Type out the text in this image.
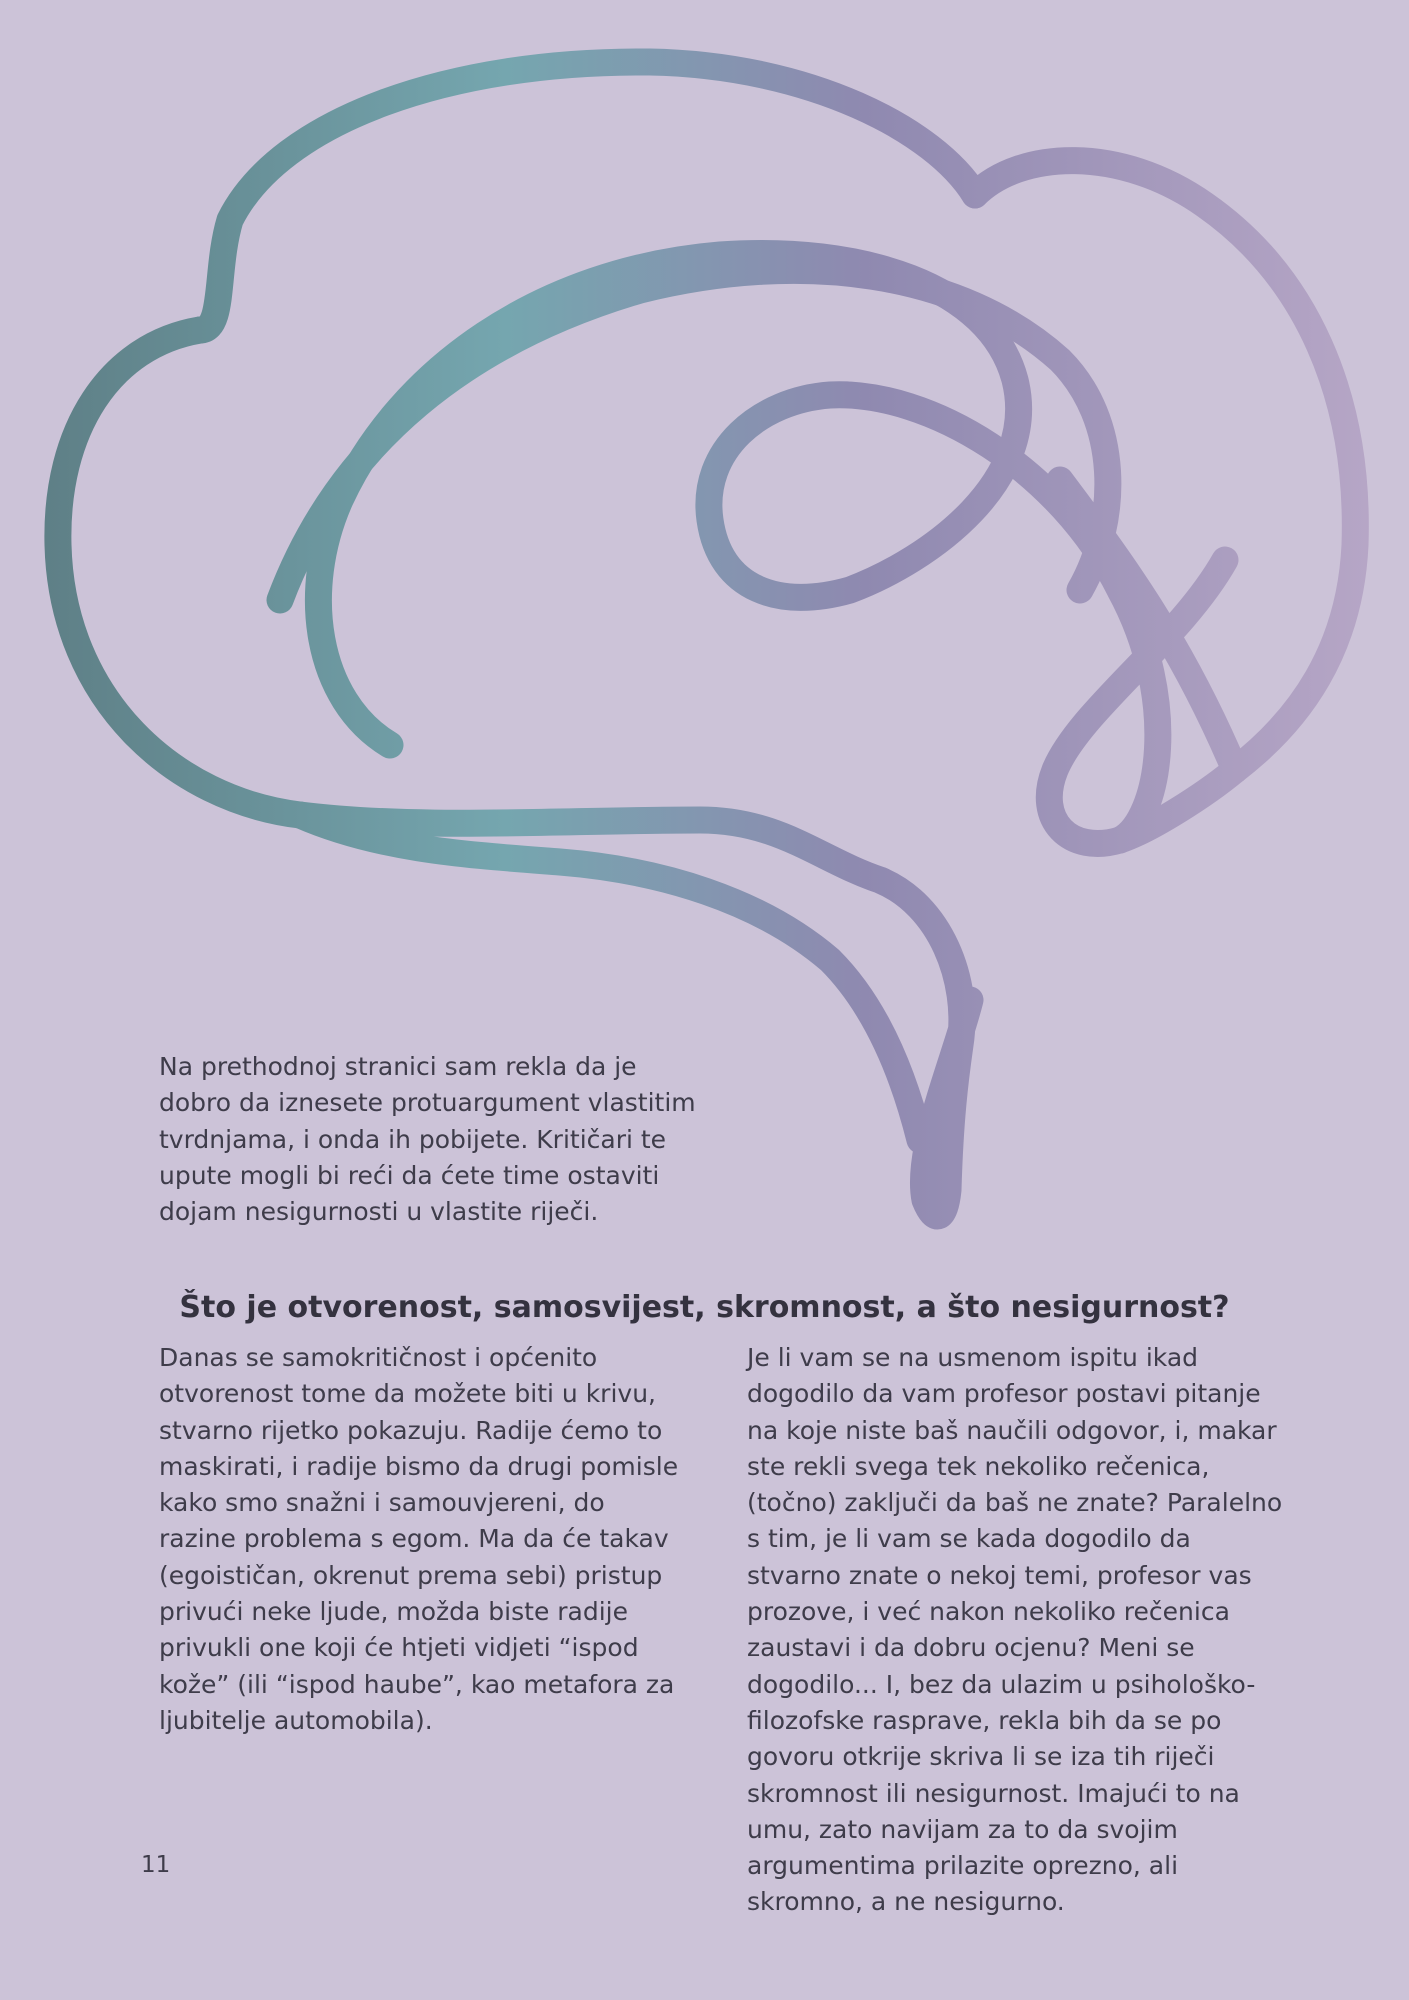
Na prethodnoj stranici sam rekla da je dobro da iznesete protuargument vlastitim tvrdnjama, i onda ih pobijete. Kritičari te upute mogli bi reći da ćete time ostaviti dojam nesigurnosti u vlastite riječi.
Što je otvorenost, samosvijest, skromnost, a što nesigurnost?
Danas se samokritičnost i općenito otvorenost tome da možete biti u krivu, stvarno rijetko pokazuju. Radije ćemo to maskirati, i radije bismo da drugi pomisle kako smo snažni i samouvjereni, do razine problema s egom. Ma da će takav (egoističan, okrenut prema sebi) pristup privući neke ljude, možda biste radije privukli one koji će htjeti vidjeti “ispod kože” (ili “ispod haube”, kao metafora za ljubitelje automobila).
Je li vam se na usmenom ispitu ikad dogodilo da vam profesor postavi pitanje na koje niste baš naučili odgovor, i, makar ste rekli svega tek nekoliko rečenica, (točno) zaključi da baš ne znate? Paralelno s tim, je li vam se kada dogodilo da stvarno znate o nekoj temi, profesor vas prozove, i već nakon nekoliko rečenica zaustavi i da dobru ocjenu? Meni se dogodilo... I, bez da ulazim u psihološko-filozofske rasprave, rekla bih da se po govoru otkrije skriva li se iza tih riječi skromnost ili nesigurnost. Imajući to na umu, zato navijam za to da svojim argumentima prilazite oprezno, ali skromno, a ne nesigurno.
11
